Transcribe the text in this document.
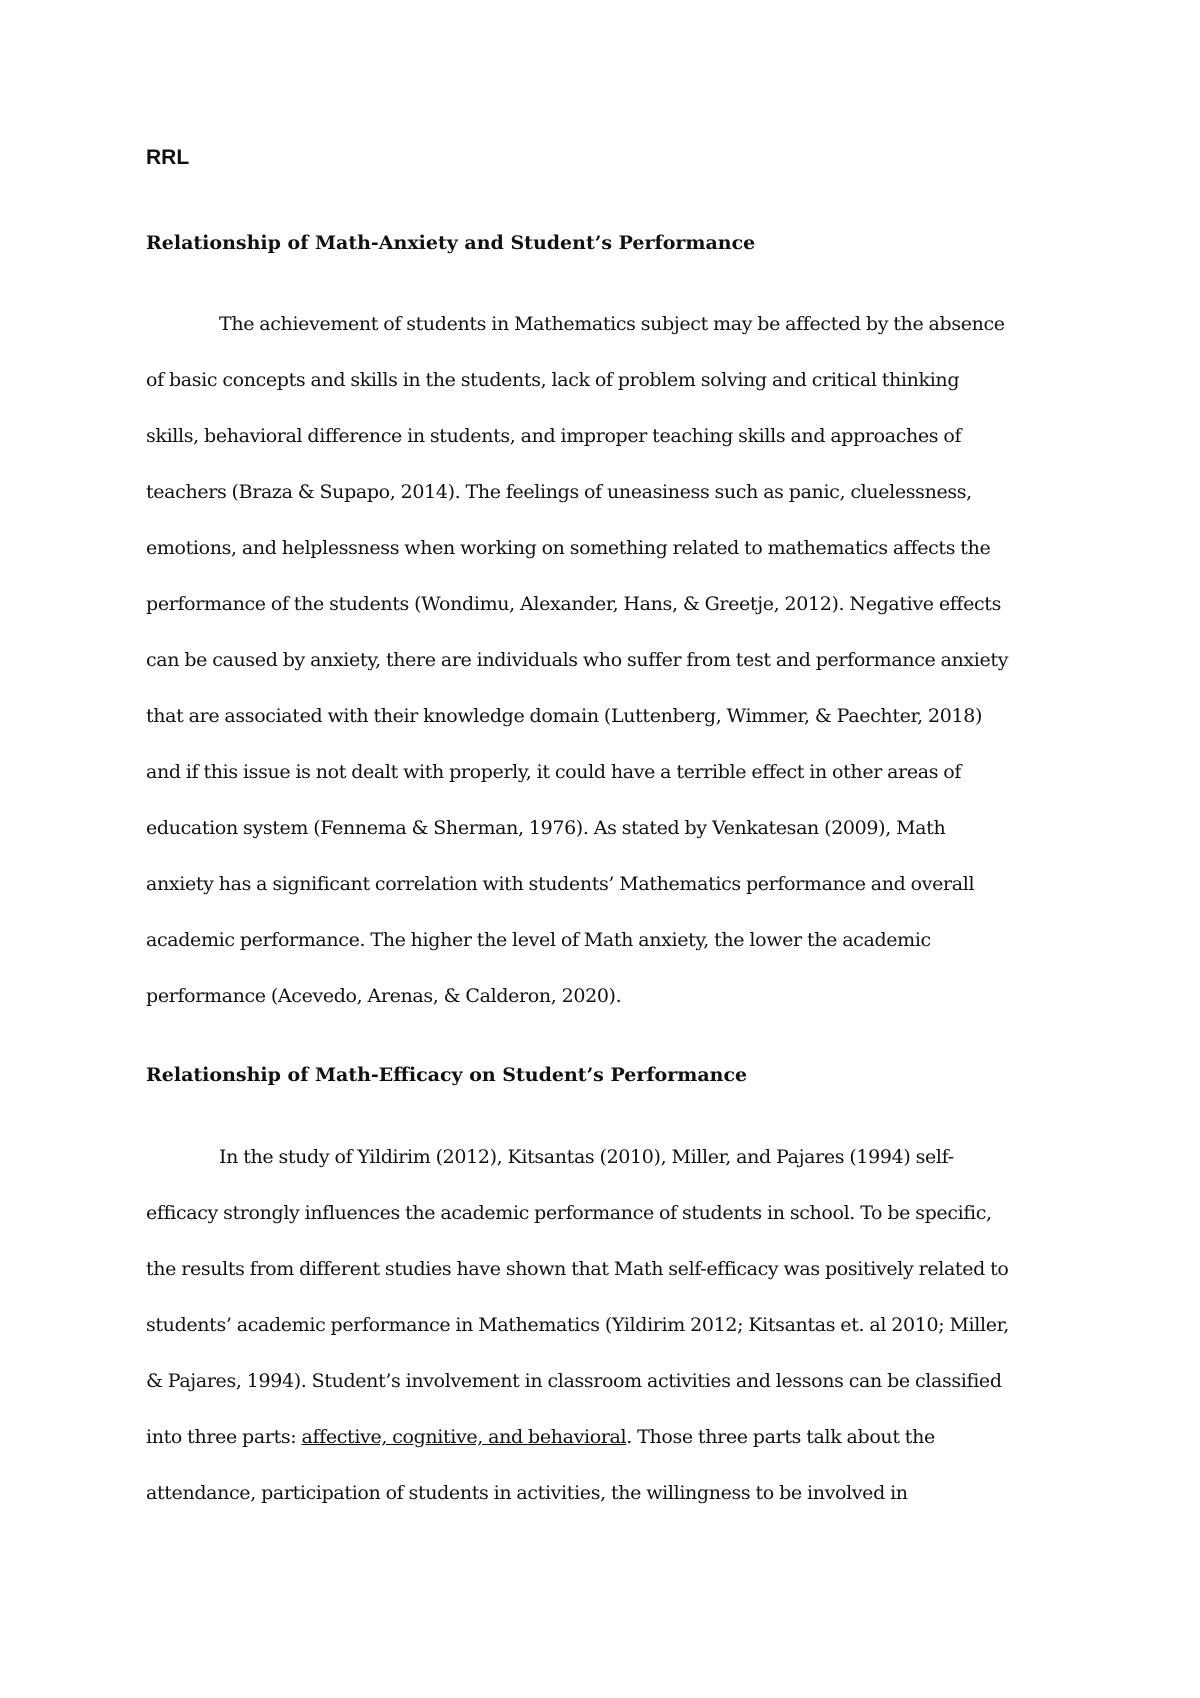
RRL

Relationship of Math-Anxiety and Student’s Performance
The achievement of students in Mathematics subject may be affected by the absence
of basic concepts and skills in the students, lack of problem solving and critical thinking
skills, behavioral difference in students, and improper teaching skills and approaches of
teachers (Braza & Supapo, 2014). The feelings of uneasiness such as panic, cluelessness,
emotions, and helplessness when working on something related to mathematics affects the
performance of the students (Wondimu, Alexander, Hans, & Greetje, 2012). Negative effects
can be caused by anxiety, there are individuals who suffer from test and performance anxiety
that are associated with their knowledge domain (Luttenberg, Wimmer, & Paechter, 2018)
and if this issue is not dealt with properly, it could have a terrible effect in other areas of
education system (Fennema & Sherman, 1976). As stated by Venkatesan (2009), Math
anxiety has a significant correlation with students’ Mathematics performance and overall
academic performance. The higher the level of Math anxiety, the lower the academic
performance (Acevedo, Arenas, & Calderon, 2020).
Relationship of Math-Efficacy on Student’s Performance
In the study of Yildirim (2012), Kitsantas (2010), Miller, and Pajares (1994) self-
efficacy strongly influences the academic performance of students in school. To be specific,
the results from different studies have shown that Math self-efficacy was positively related to
students’ academic performance in Mathematics (Yildirim 2012; Kitsantas et. al 2010; Miller,
& Pajares, 1994). Student’s involvement in classroom activities and lessons can be classified
into three parts: affective, cognitive, and behavioral. Those three parts talk about the
attendance, participation of students in activities, the willingness to be involved in
